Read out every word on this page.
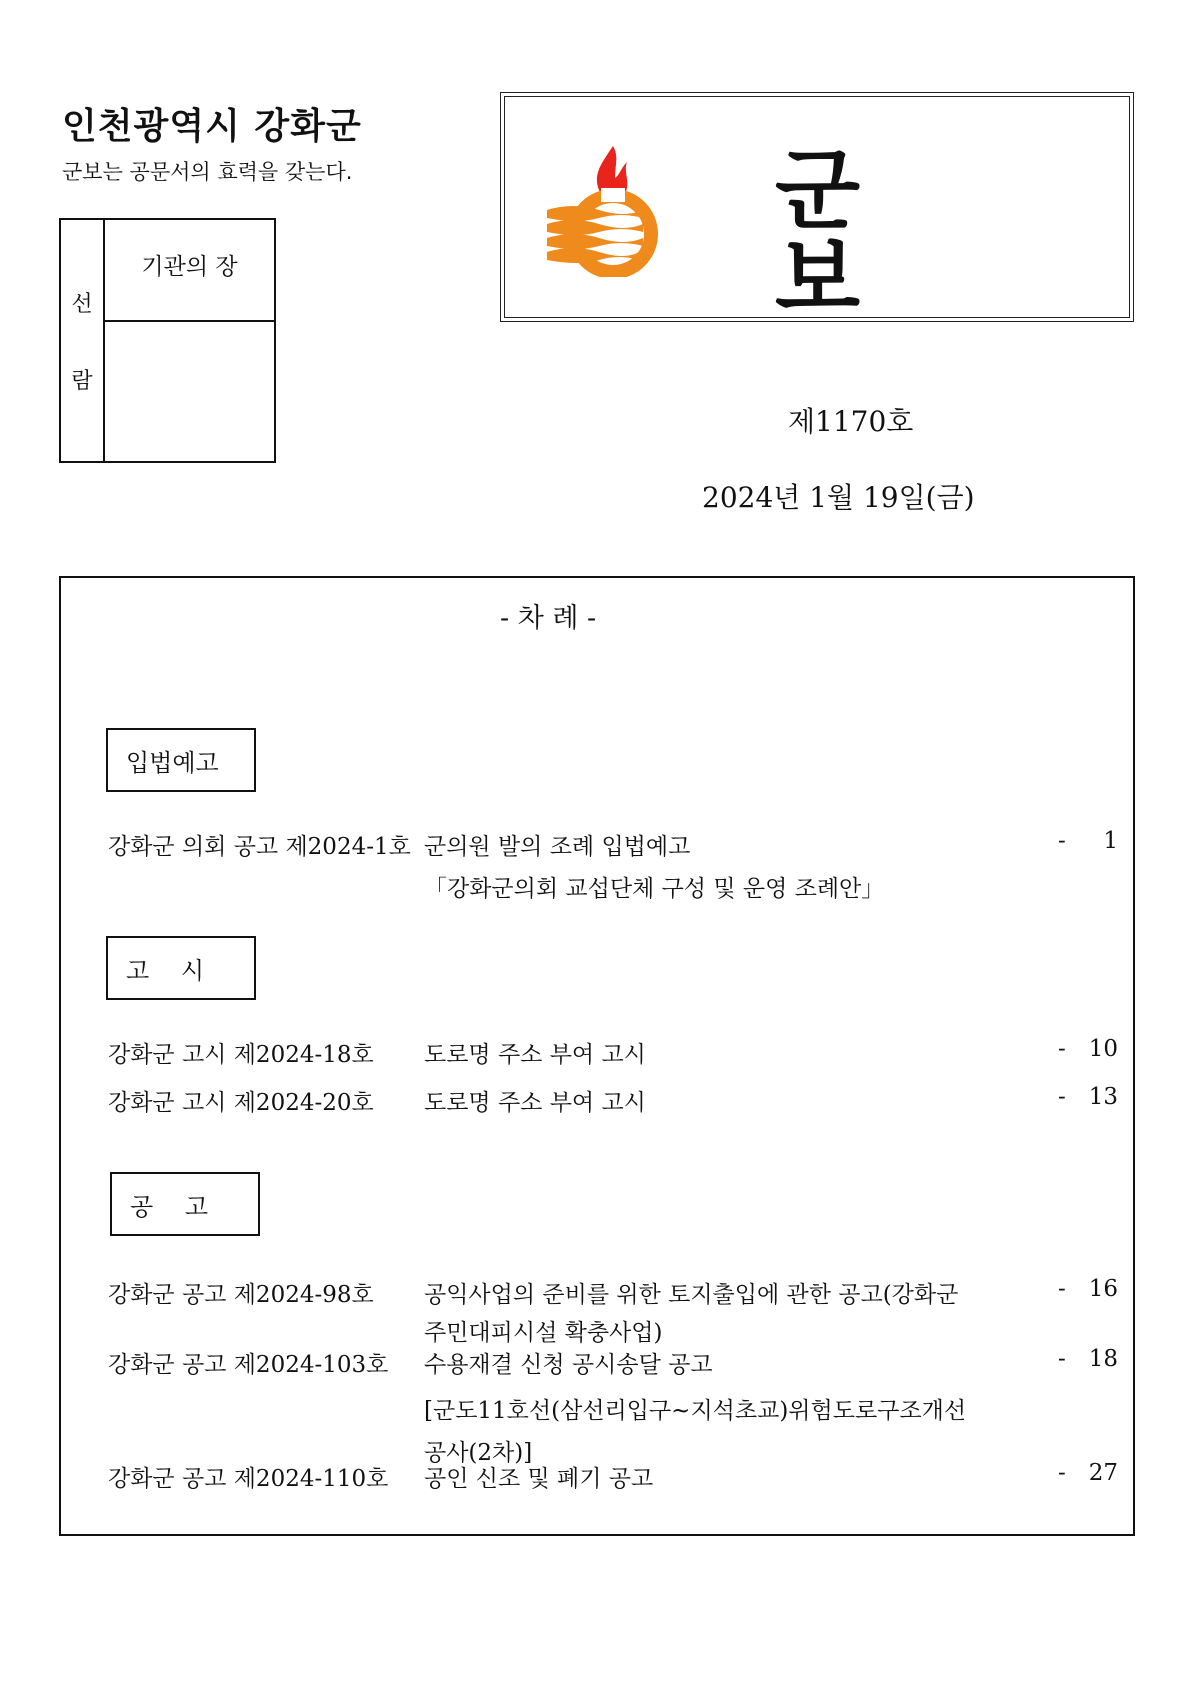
인천광역시 강화군
군보는 공문서의 효력을 갖는다.
선
람
기관의 장
군 보
제1170호
2024년 1월 19일(금)
- 차 례 -
입법예고
강화군 의회 공고 제2024-1호 군의원 발의 조례 입법예고
「강화군의회 교섭단체 구성 및 운영 조례안」
-	1
고 시
강화군 고시 제2024-18호 도로명 주소 부여 고시	- 10
강화군 고시 제2024-20호 도로명 주소 부여 고시	- 13
공 고
강화군 공고 제2024-98호 공익사업의 준비를 위한 토지출입에 관한 공고(강화군
주민대피시설 확충사업)
- 16
강화군 공고 제2024-103호 수용재결 신청 공시송달 공고
[군도11호선(삼선리입구~지석초교)위험도로구조개선
공사(2차)]
- 18
강화군 공고 제2024-110호 공인 신조 및 폐기 공고	- 27
